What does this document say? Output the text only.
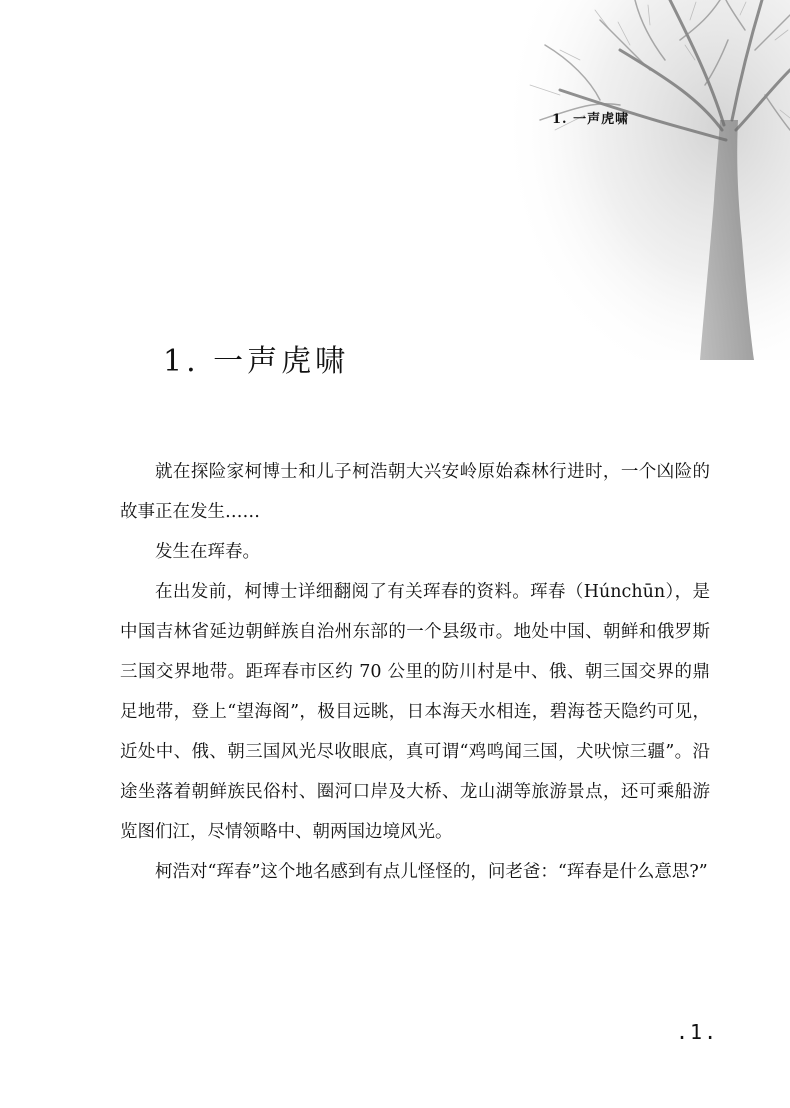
1. 一声虎啸
1. 一声虎啸

就在探险家柯博士和儿子柯浩朝大兴安岭原始森林行进时，一个凶险的故事正在发生……

发生在珲春。

在出发前，柯博士详细翻阅了有关珲春的资料。珲春（Húnchūn），是中国吉林省延边朝鲜族自治州东部的一个县级市。地处中国、朝鲜和俄罗斯三国交界地带。距珲春市区约 70 公里的防川村是中、俄、朝三国交界的鼎足地带，登上“望海阁”，极目远眺，日本海天水相连，碧海苍天隐约可见，近处中、俄、朝三国风光尽收眼底，真可谓“鸡鸣闻三国，犬吠惊三疆”。沿途坐落着朝鲜族民俗村、圈河口岸及大桥、龙山湖等旅游景点，还可乘船游览图们江，尽情领略中、朝两国边境风光。

柯浩对“珲春”这个地名感到有点儿怪怪的，问老爸：“珲春是什么意思?”

.1.
